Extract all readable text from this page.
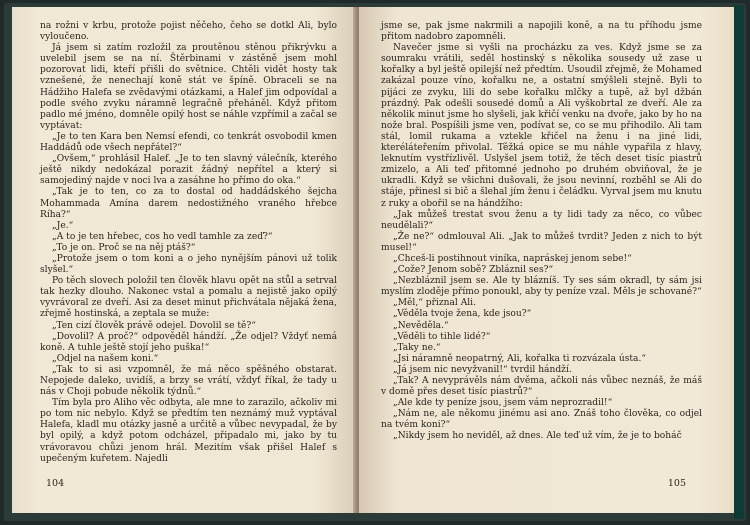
na rožni v krbu, protože pojist něčeho, čeho se dotkl Ali, bylo vyloučeno.

Já jsem si zatím rozložil za proutěnou stěnou přikrývku a uvelebil jsem se na ní. Štěrbinami v zástěně jsem mohl pozorovat lidi, kteří přišli do světnice. Chtěli vidět hosty tak vznešené, že nenechají koně stát ve špíně. Obraceli se na Hádžiho Halefa se zvědavými otázkami, a Halef jim odpovídal a podle svého zvyku náramně legračně přeháněl. Když přitom padlo mé jméno, domněle opilý host se náhle vzpřímil a začal se vyptávat:

„Je to ten Kara ben Nemsí efendi, co tenkrát osvobodil kmen Haddádů ode všech nepřátel?“

„Ovšem,“ prohlásil Halef. „Je to ten slavný válečník, kterého ještě nikdy nedokázal porazit žádný nepřítel a který si samojediný najde v noci lva a zasáhne ho přímo do oka.“

„Tak je to ten, co za to dostal od haddádského šejcha Mohammada Amína darem nedostižného vraného hřebce Ríha?“

„Je.“

„A to je ten hřebec, cos ho vedl tamhle za zeď?“

„To je on. Proč se na něj ptáš?“

„Protože jsem o tom koni a o jeho nynějším pánovi už tolik slyšel.“

Po těch slovech položil ten člověk hlavu opět na stůl a setrval tak hezky dlouho. Nakonec vstal a pomalu a nejistě jako opilý vyvrávoral ze dveří. Asi za deset minut přichvátala nějaká žena, zřejmě hostinská, a zeptala se muže:

„Ten cizí člověk právě odejel. Dovolil se tě?“

„Dovolil? A proč?“ odpověděl hándží. „Že odjel? Vždyť nemá koně. A tuhle ještě stojí jeho puška!“

„Odjel na našem koni.“

„Tak to si asi vzpomněl, že má něco spěšného obstarat. Nepojede daleko, uvidíš, a brzy se vrátí, vždyť říkal, že tady u nás v Choji pobude několik týdnů.“

Tím byla pro Aliho věc odbyta, ale mne to zarazilo, ačkoliv mi po tom nic nebylo. Když se předtím ten neznámý muž vyptával Halefa, kladl mu otázky jasně a určitě a vůbec nevypadal, že by byl opilý, a když potom odcházel, připadalo mi, jako by tu vrávoravou chůzi jenom hrál. Mezitím však přišel Halef s upečeným kuřetem. Najedli

104

jsme se, pak jsme nakrmili a napojili koně, a na tu příhodu jsme přitom nadobro zapomněli.

Navečer jsme si vyšli na procházku za ves. Když jsme se za soumraku vrátili, seděl hostinský s několika sousedy už zase u kořalky a byl ještě opilejší než předtím. Usoudil zřejmě, že Mohamed zakázal pouze víno, kořalku ne, a ostatní smýšleli stejně. Byli to pijáci ze zvyku, lili do sebe kořalku mlčky a tupě, až byl džbán prázdný. Pak odešli sousedé domů a Ali vyškobrtal ze dveří. Ale za několik minut jsme ho slyšeli, jak křičí venku na dvoře, jako by ho na nože bral. Pospíšili jsme ven, podívat se, co se mu přihodilo. Ali tam stál, lomil rukama a vztekle křičel na ženu i na jiné lidi, kteréláteřením přivolal. Těžká opice se mu náhle vypařila z hlavy, leknutím vystřízlivěl. Uslyšel jsem totiž, že těch deset tisíc piastrů zmizelo, a Ali teď přitomné jednoho po druhém obviňoval, že je ukradli. Když se všichni dušovali, že jsou nevinní, rozběhl se Ali do stáje, přinesl si bič a šlehal jím ženu i čeládku. Vyrval jsem mu knutu z ruky a obořil se na hándžího:

„Jak můžeš trestat svou ženu a ty lidi tady za něco, co vůbec neudělali?“

„Že ne?“ odmlouval Ali. „Jak to můžeš tvrdit? Jeden z nich to být musel!“

„Chceš-li postihnout viníka, napráskej jenom sebe!“

„Cože? Jenom sobě? Zbláznil ses?“

„Nezbláznil jsem se. Ale ty blázníš. Ty ses sám okradl, ty sám jsi myslím zloděje přímo ponoukl, aby ty peníze vzal. Měls je schované?“

„Měl,“ přiznal Ali.

„Věděla tvoje žena, kde jsou?“

„Nevěděla.“

„Věděli to tihle lidé?“

„Taky ne.“

„Jsi náramně neopatrný, Ali, kořalka ti rozvázala ústa.“

„Já jsem nic nevyžvanil!“ tvrdil hándží.

„Tak? A nevyprávěls nám dvěma, ačkoli nás vůbec neznáš, že máš v domě přes deset tisíc piastrů?“

„Ale kde ty peníze jsou, jsem vám neprozradil!“

„Nám ne, ale někomu jinému asi ano. Znáš toho člověka, co odjel na tvém koni?“

„Nikdy jsem ho neviděl, až dnes. Ale teď už vím, že je to boháč

105
